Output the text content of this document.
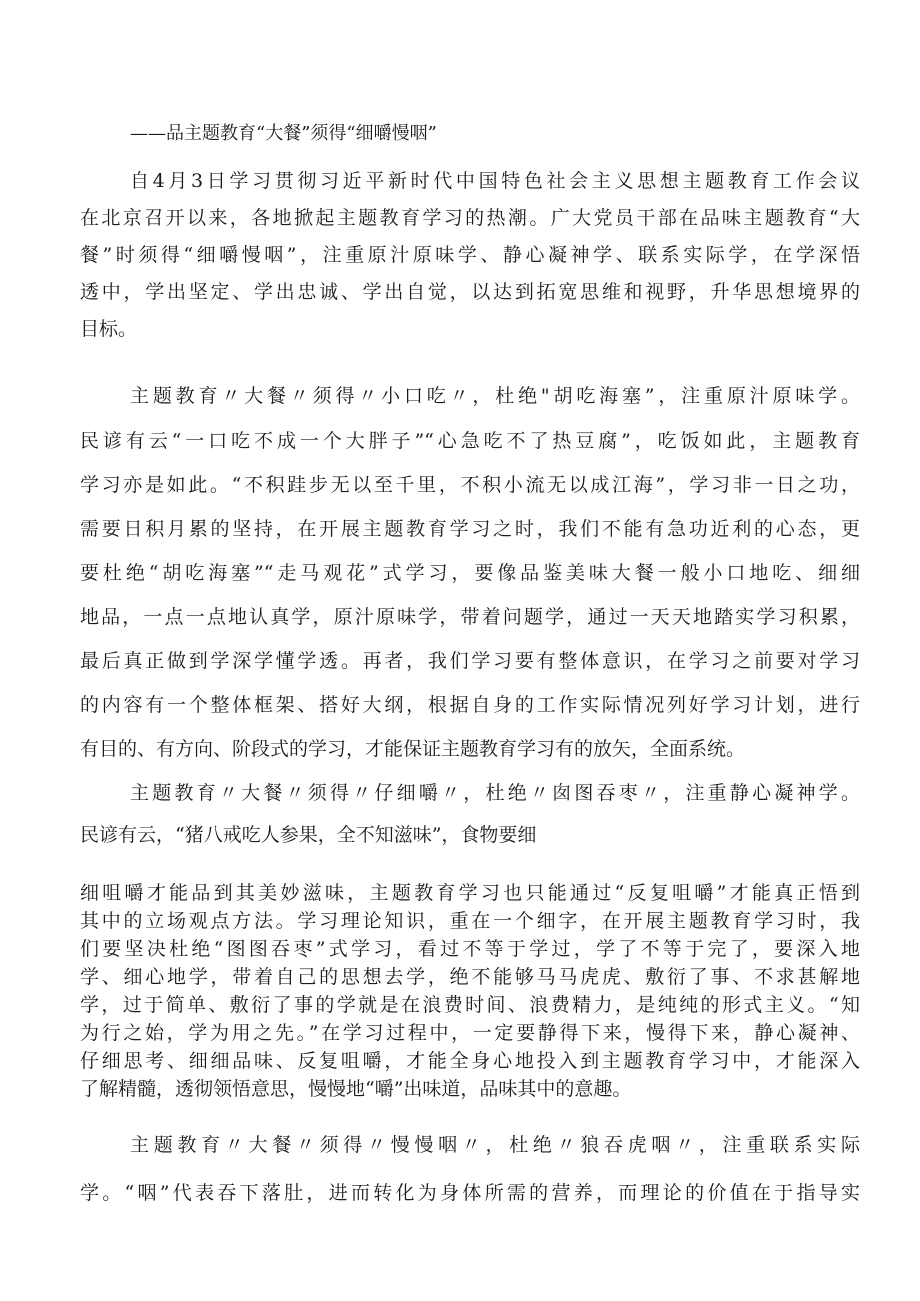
——品主题教育“大餐”须得“细嚼慢咽”
自4月3日学习贯彻习近平新时代中国特色社会主义思想主题教育工作会议
在北京召开以来，各地掀起主题教育学习的热潮。广大党员干部在品味主题教育“大
餐”时须得“细嚼慢咽”，注重原汁原味学、静心凝神学、联系实际学，在学深悟
透中，学出坚定、学出忠诚、学出自觉，以达到拓宽思维和视野，升华思想境界的
目标。
主题教育〃大餐〃须得〃小口吃〃，杜绝"胡吃海塞”，注重原汁原味学。
民谚有云“一口吃不成一个大胖子”“心急吃不了热豆腐”，吃饭如此，主题教育
学习亦是如此。“不积跬步无以至千里，不积小流无以成江海”，学习非一日之功，
需要日积月累的坚持，在开展主题教育学习之时，我们不能有急功近利的心态，更
要杜绝“胡吃海塞”“走马观花”式学习，要像品鉴美味大餐一般小口地吃、细细
地品，一点一点地认真学，原汁原味学，带着问题学，通过一天天地踏实学习积累，
最后真正做到学深学懂学透。再者，我们学习要有整体意识，在学习之前要对学习
的内容有一个整体框架、搭好大纲，根据自身的工作实际情况列好学习计划，进行
有目的、有方向、阶段式的学习，才能保证主题教育学习有的放矢，全面系统。
主题教育〃大餐〃须得〃仔细嚼〃，杜绝〃囱图吞枣〃，注重静心凝神学。
民谚有云，“猪八戒吃人参果，全不知滋味”，食物要细
细咀嚼才能品到其美妙滋味，主题教育学习也只能通过“反复咀嚼”才能真正悟到
其中的立场观点方法。学习理论知识，重在一个细字，在开展主题教育学习时，我
们要坚决杜绝“图图吞枣”式学习，看过不等于学过，学了不等于完了，要深入地
学、细心地学，带着自己的思想去学，绝不能够马马虎虎、敷衍了事、不求甚解地
学，过于简单、敷衍了事的学就是在浪费时间、浪费精力，是纯纯的形式主义。“知
为行之始，学为用之先。”在学习过程中，一定要静得下来，慢得下来，静心凝神、
仔细思考、细细品味、反复咀嚼，才能全身心地投入到主题教育学习中，才能深入
了解精髓，透彻领悟意思，慢慢地“嚼”出味道，品味其中的意趣。
主题教育〃大餐〃须得〃慢慢咽〃，杜绝〃狼吞虎咽〃，注重联系实际
学。“咽”代表吞下落肚，进而转化为身体所需的营养，而理论的价值在于指导实
